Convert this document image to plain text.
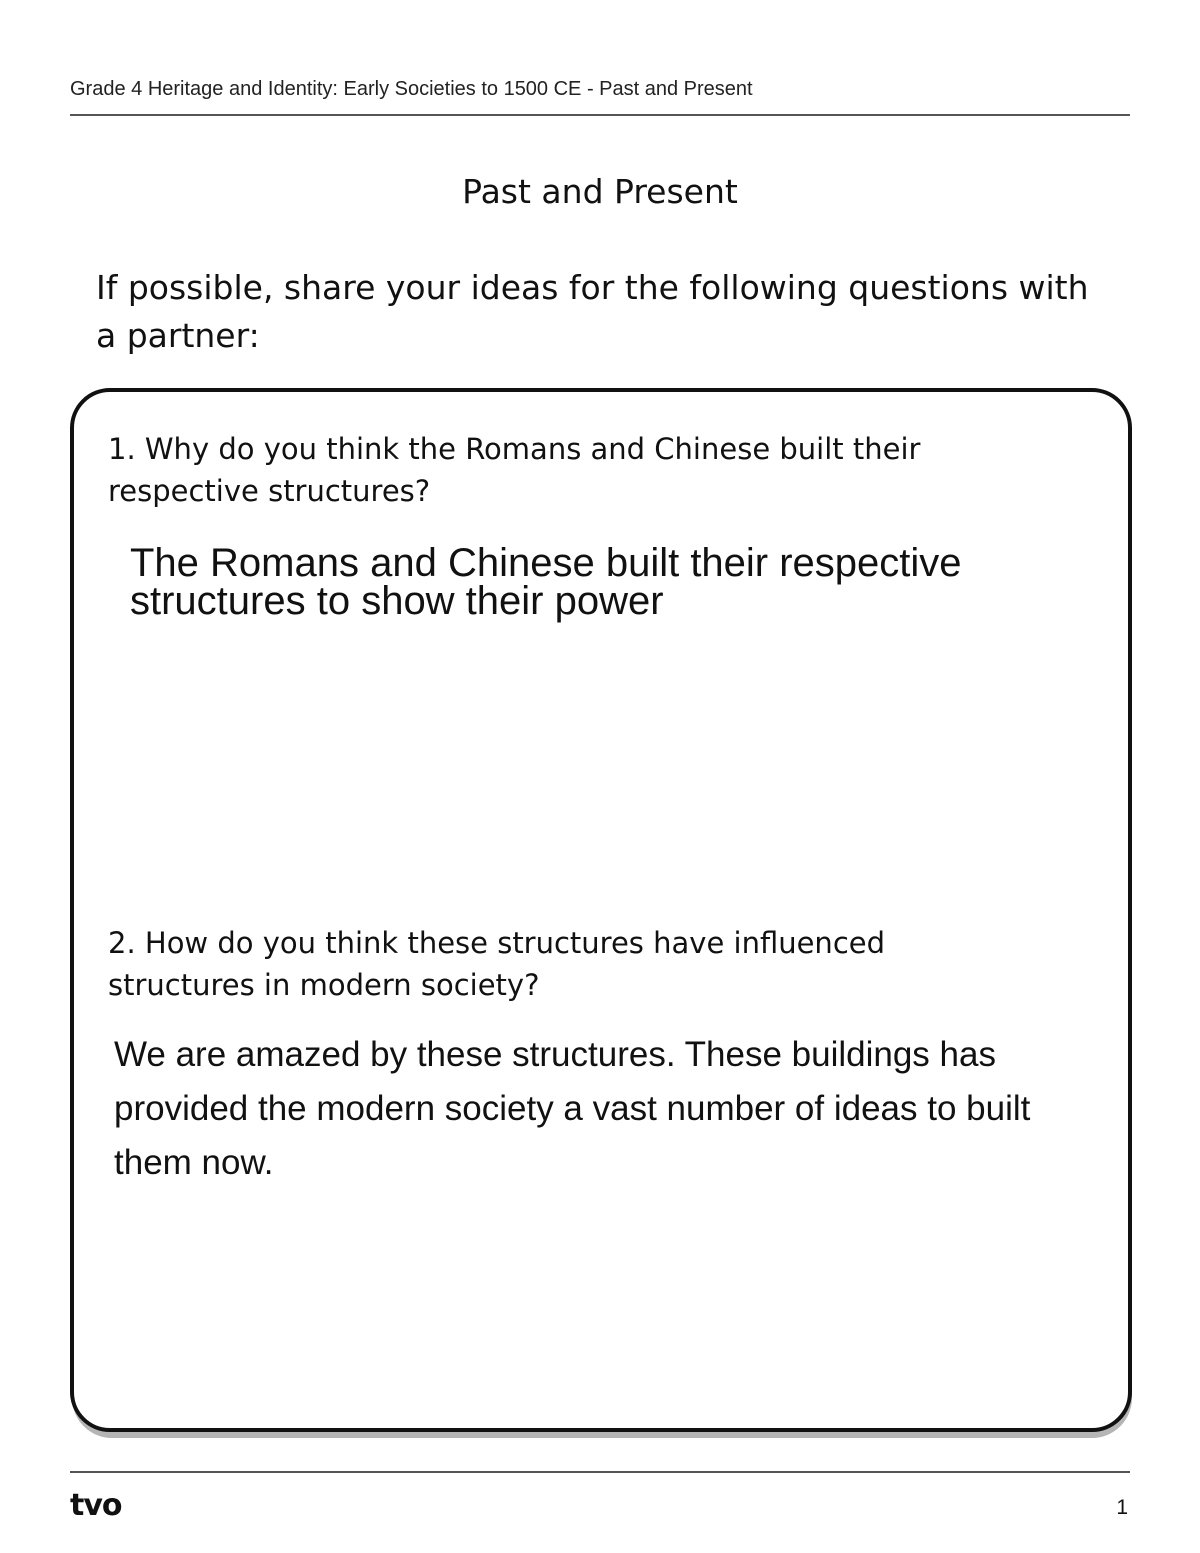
Grade 4 Heritage and Identity: Early Societies to 1500 CE - Past and Present
Past and Present
If possible, share your ideas for the following questions with a partner:
1. Why do you think the Romans and Chinese built their respective structures?
The Romans and Chinese built their respective structures to show their power
2. How do you think these structures have influenced structures in modern society?
We are amazed by these structures. These buildings has provided the modern society a vast number of ideas to built them now.
tvo	1
